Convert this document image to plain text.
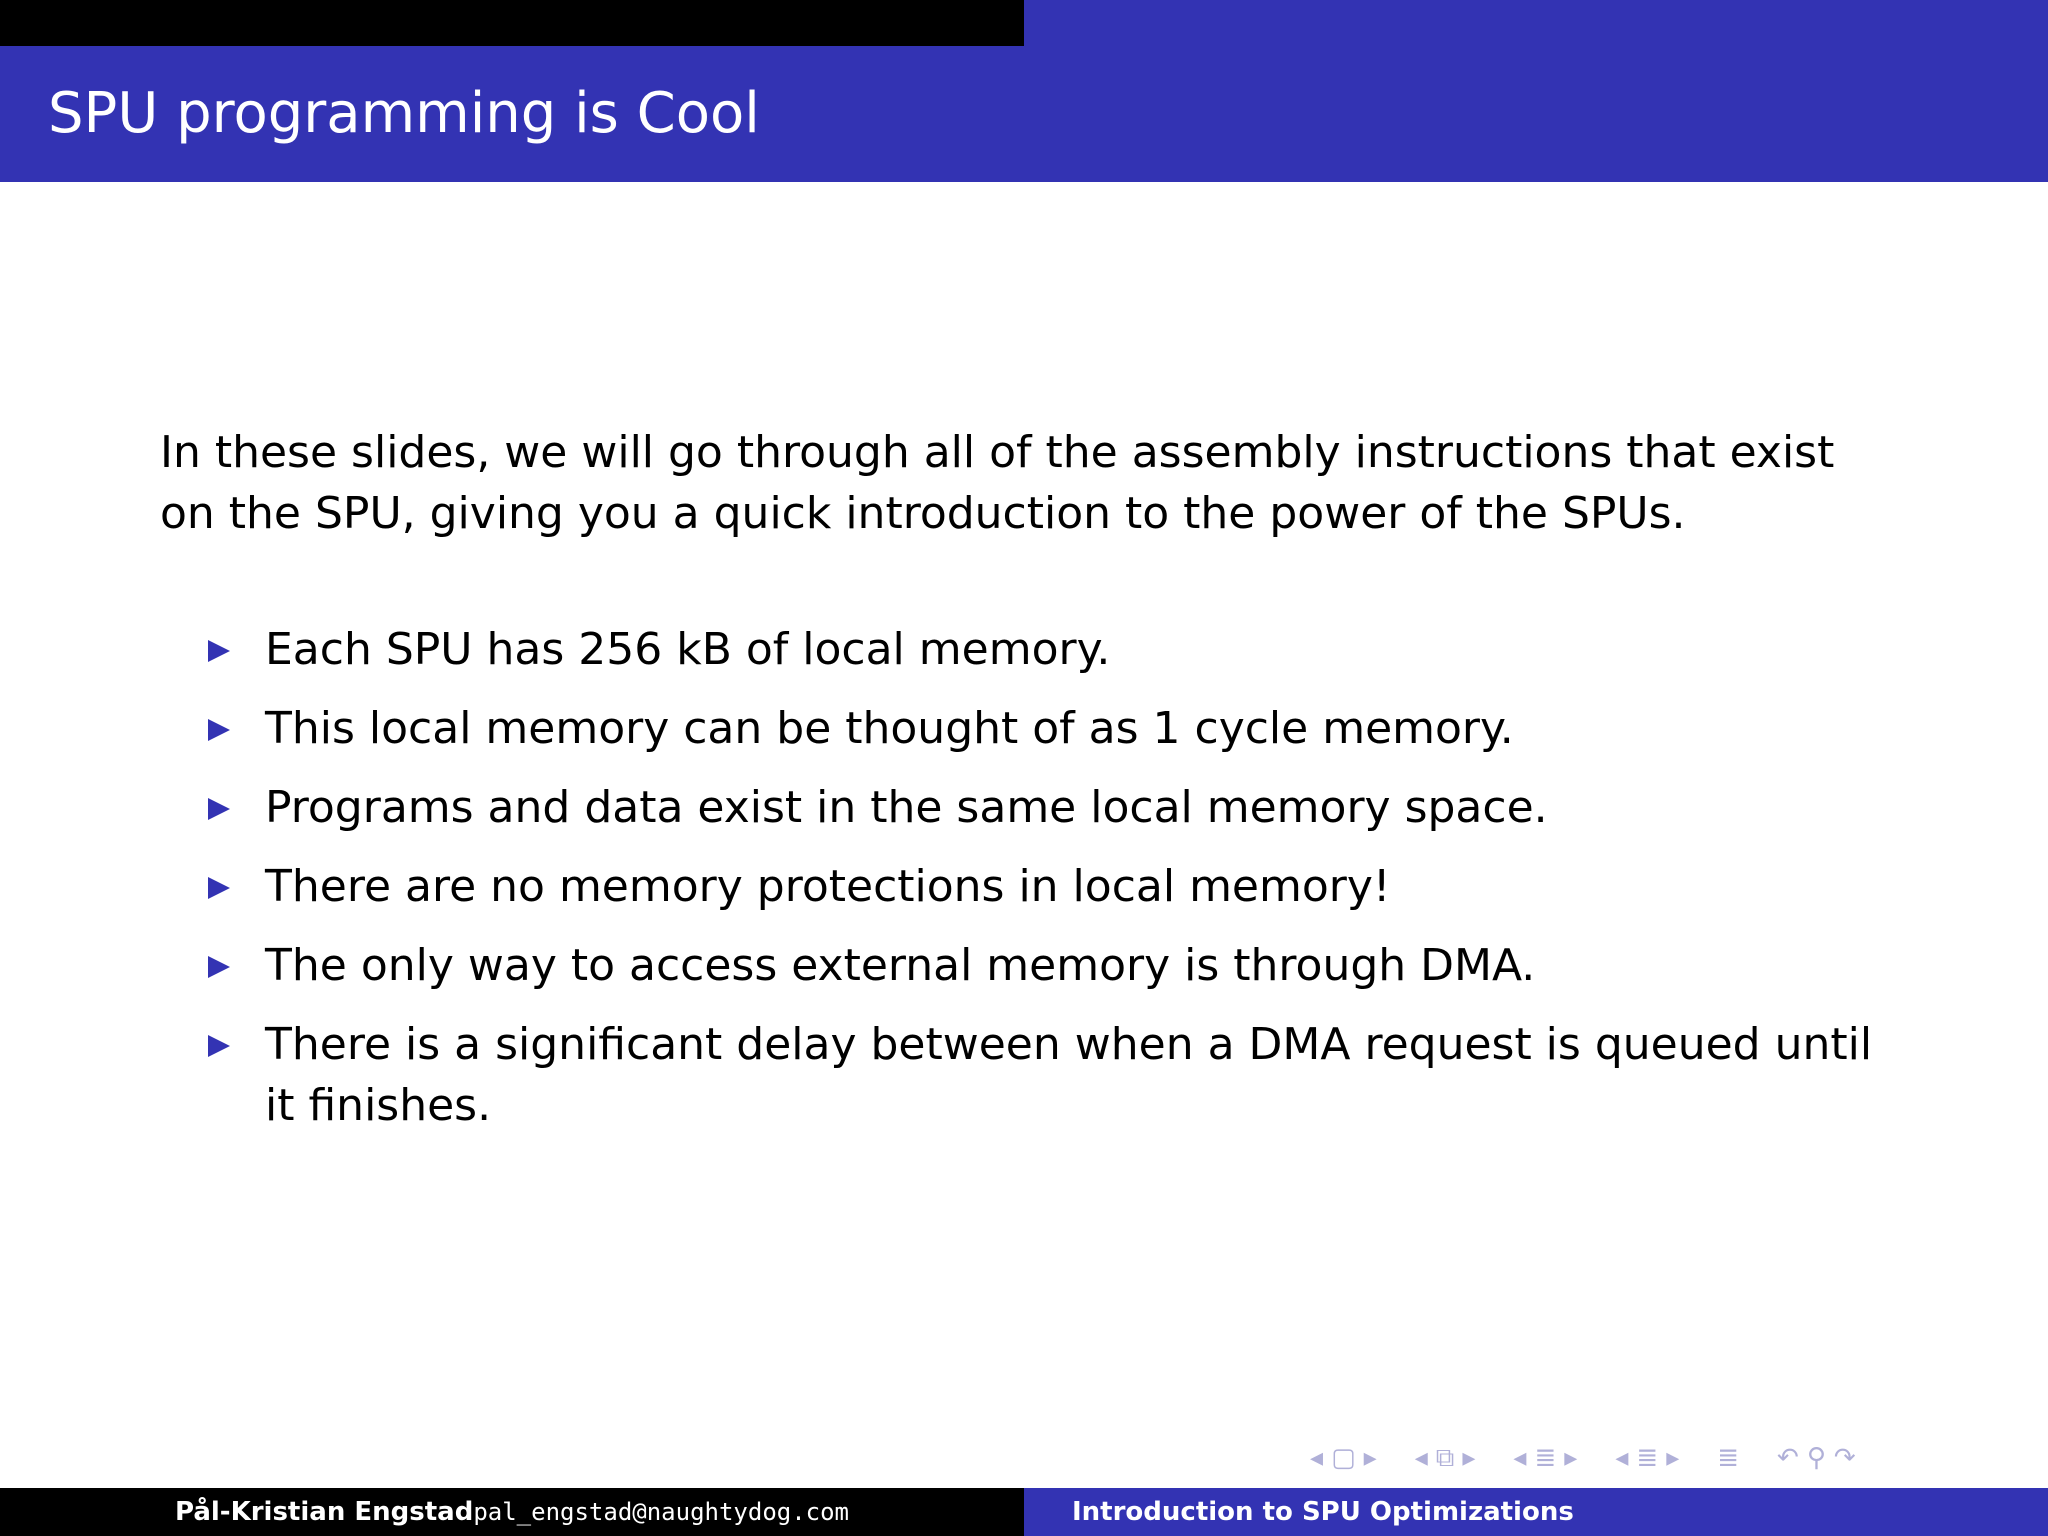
SPU programming is Cool
In these slides, we will go through all of the assembly instructions that exist on the SPU, giving you a quick introduction to the power of the SPUs.
Each SPU has 256 kB of local memory.
This local memory can be thought of as 1 cycle memory.
Programs and data exist in the same local memory space.
There are no memory protections in local memory!
The only way to access external memory is through DMA.
There is a significant delay between when a DMA request is queued until it finishes.
◂ ▢ ▸ ◂ ⧉ ▸ ◂ ≣ ▸ ◂ ≣ ▸ ≣ ↶ ⚲ ↷
Pål-Kristian Engstad pal_engstad@naughtydog.com	Introduction to SPU Optimizations
